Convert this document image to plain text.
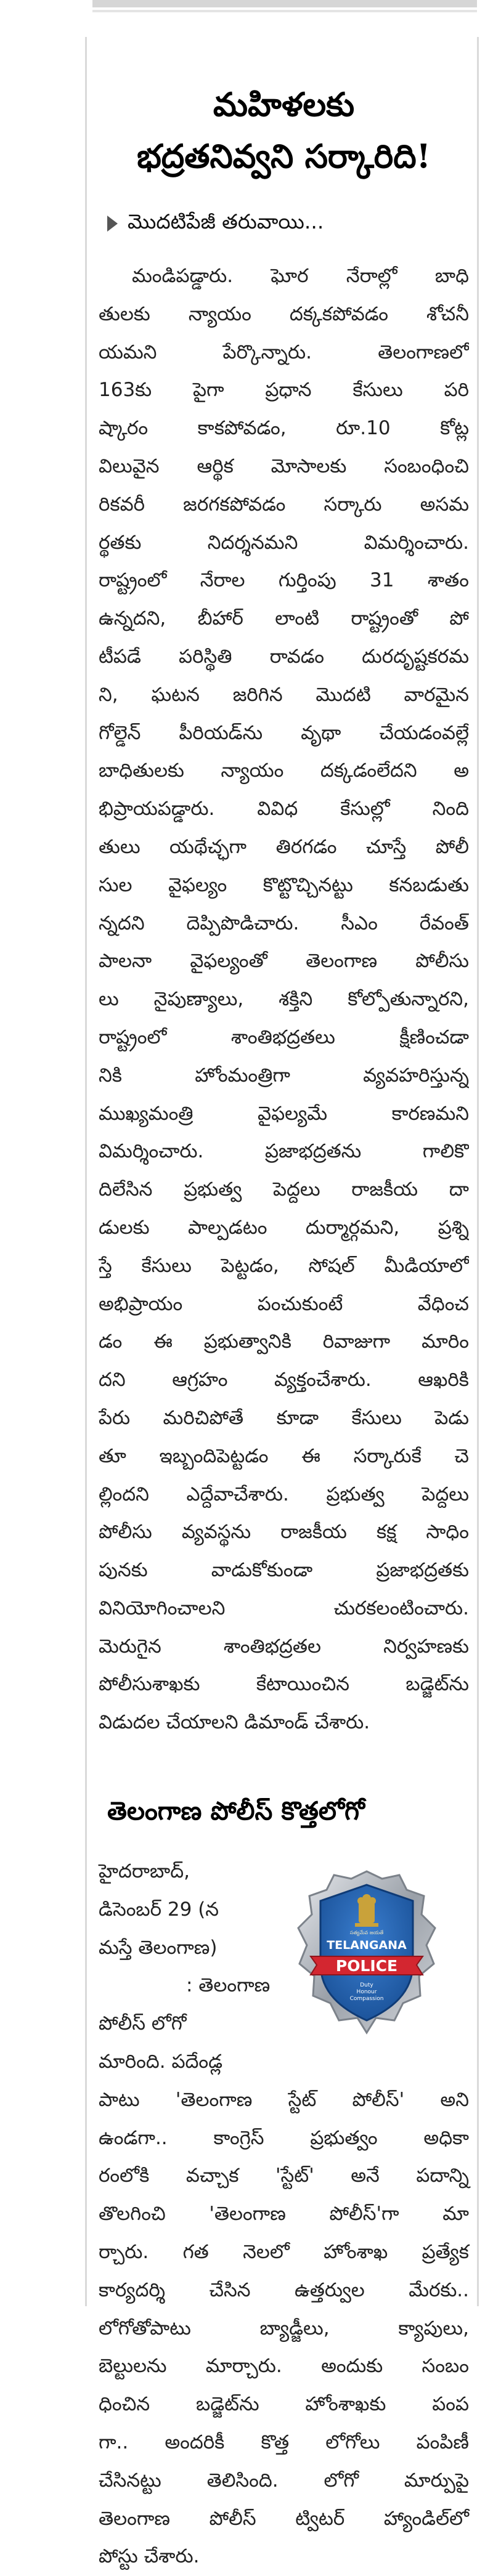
మహిళలకు
భద్రతనివ్వని సర్కారిది!
మొదటిపేజీ తరువాయి...
మండిపడ్డారు. ఘోర నేరాల్లో బాధి
తులకు న్యాయం దక్కకపోవడం శోచనీ
యమని పేర్కొన్నారు. తెలంగాణలో
163కు పైగా ప్రధాన కేసులు పరి
ష్కారం కాకపోవడం, రూ.10 కోట్ల
విలువైన ఆర్థిక మోసాలకు సంబంధించి
రికవరీ జరగకపోవడం సర్కారు అసమ
ర్థతకు నిదర్శనమని విమర్శించారు.
రాష్ట్రంలో నేరాల గుర్తింపు 31 శాతం
ఉన్నదని, బీహార్ లాంటి రాష్ట్రంతో పో
టీపడే పరిస్థితి రావడం దురదృష్టకరమ
ని, ఘటన జరిగిన మొదటి వారమైన
గోల్డెన్ పీరియడ్‌ను వృథా చేయడంవల్లే
బాధితులకు న్యాయం దక్కడంలేదని అ
భిప్రాయపడ్డారు. వివిధ కేసుల్లో నింది
తులు యథేచ్ఛగా తిరగడం చూస్తే పోలీ
సుల వైఫల్యం కొట్టొచ్చినట్టు కనబడుతు
న్నదని దెప్పిపొడిచారు. సీఎం రేవంత్
పాలనా వైఫల్యంతో తెలంగాణ పోలీసు
లు నైపుణ్యాలు, శక్తిని కోల్పోతున్నారని,
రాష్ట్రంలో శాంతిభద్రతలు క్షీణించడా
నికి హోంమంత్రిగా వ్యవహరిస్తున్న
ముఖ్యమంత్రి వైఫల్యమే కారణమని
విమర్శించారు. ప్రజాభద్రతను గాలికొ
దిలేసిన ప్రభుత్వ పెద్దలు రాజకీయ దా
డులకు పాల్పడటం దుర్మార్గమని, ప్రశ్ని
స్తే కేసులు పెట్టడం, సోషల్ మీడియాలో
అభిప్రాయం పంచుకుంటే వేధించ
డం ఈ ప్రభుత్వానికి రివాజుగా మారిం
దని ఆగ్రహం వ్యక్తంచేశారు. ఆఖరికి
పేరు మరిచిపోతే కూడా కేసులు పెడు
తూ ఇబ్బందిపెట్టడం ఈ సర్కారుకే చె
ల్లిందని ఎద్దేవాచేశారు. ప్రభుత్వ పెద్దలు
పోలీసు వ్యవస్థను రాజకీయ కక్ష సాధిం
పునకు వాడుకోకుండా ప్రజాభద్రతకు
వినియోగించాలని చురకలంటించారు.
మెరుగైన శాంతిభద్రతల నిర్వహణకు
పోలీసుశాఖకు కేటాయించిన బడ్జెట్‌ను
విడుదల చేయాలని డిమాండ్ చేశారు.
తెలంగాణ పోలీస్ కొత్తలోగో
సత్యమేవ జయతే
TELANGANA
POLICE
Duty
Honour
Compassion
హైదరాబాద్,
డిసెంబర్ 29 (న
మస్తే తెలంగాణ)
: తెలంగాణ
పోలీస్ లోగో
మారింది. పదేండ్ల
పాటు 'తెలంగాణ స్టేట్ పోలీస్' అని
ఉండగా.. కాంగ్రెస్ ప్రభుత్వం అధికా
రంలోకి వచ్చాక 'స్టేట్' అనే పదాన్ని
తొలగించి 'తెలంగాణ పోలీస్'గా మా
ర్చారు. గత నెలలో హోంశాఖ ప్రత్యేక
కార్యదర్శి చేసిన ఉత్తర్వుల మేరకు..
లోగోతోపాటు బ్యాడ్జీలు, క్యాపులు,
బెల్టులను మార్చారు. అందుకు సంబం
ధించిన బడ్జెట్‌ను హోంశాఖకు పంప
గా.. అందరికీ కొత్త లోగోలు పంపిణీ
చేసినట్టు తెలిసింది. లోగో మార్పుపై
తెలంగాణ పోలీస్ ట్విటర్ హ్యాండిల్‌లో
పోస్టు చేశారు.
